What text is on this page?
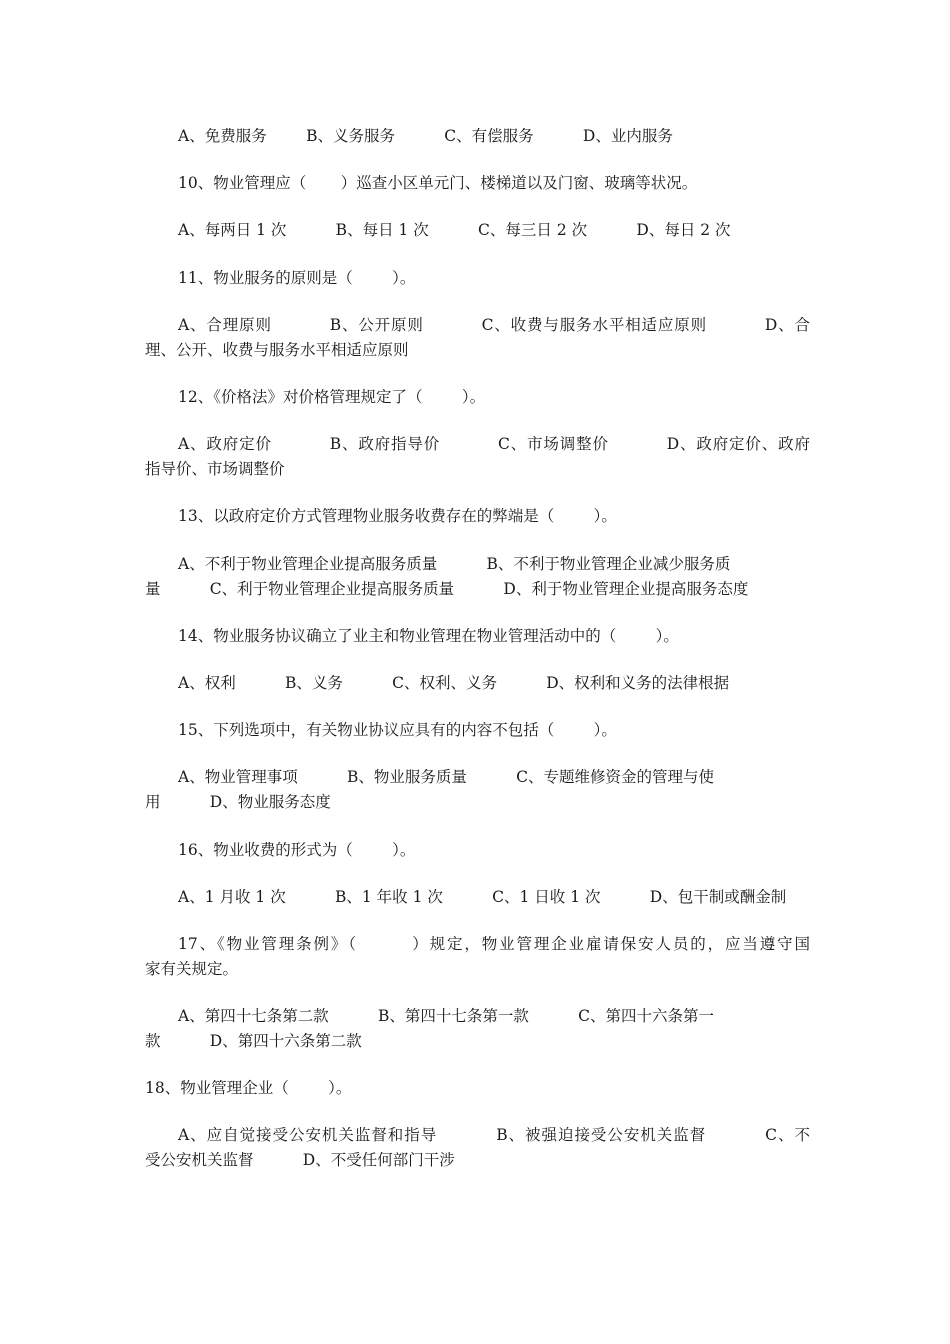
A、免费服务        B、义务服务          C、有偿服务          D、业内服务
10、物业管理应（       ）巡查小区单元门、楼梯道以及门窗、玻璃等状况。
A、每两日 1 次          B、每日 1 次          C、每三日 2 次          D、每日 2 次
11、物业服务的原则是（        ）。
A、合理原则          B、公开原则          C、收费与服务水平相适应原则          D、合
理、公开、收费与服务水平相适应原则
12、《价格法》对价格管理规定了（        ）。
A、政府定价          B、政府指导价          C、市场调整价          D、政府定价、政府
指导价、市场调整价
13、以政府定价方式管理物业服务收费存在的弊端是（        ）。
A、不利于物业管理企业提高服务质量          B、不利于物业管理企业减少服务质
量          C、利于物业管理企业提高服务质量          D、利于物业管理企业提高服务态度
14、物业服务协议确立了业主和物业管理在物业管理活动中的（        ）。
A、权利          B、义务          C、权利、义务          D、权利和义务的法律根据
15、下列选项中，有关物业协议应具有的内容不包括（        ）。
A、物业管理事项          B、物业服务质量          C、专题维修资金的管理与使
用          D、物业服务态度
16、物业收费的形式为（        ）。
A、1 月收 1 次          B、1 年收 1 次          C、1 日收 1 次          D、包干制或酬金制
17、《物业管理条例》（        ）规定，物业管理企业雇请保安人员的，应当遵守国
家有关规定。
A、第四十七条第二款          B、第四十七条第一款          C、第四十六条第一
款          D、第四十六条第二款
18、物业管理企业（        ）。
A、应自觉接受公安机关监督和指导          B、被强迫接受公安机关监督          C、不
受公安机关监督          D、不受任何部门干涉
